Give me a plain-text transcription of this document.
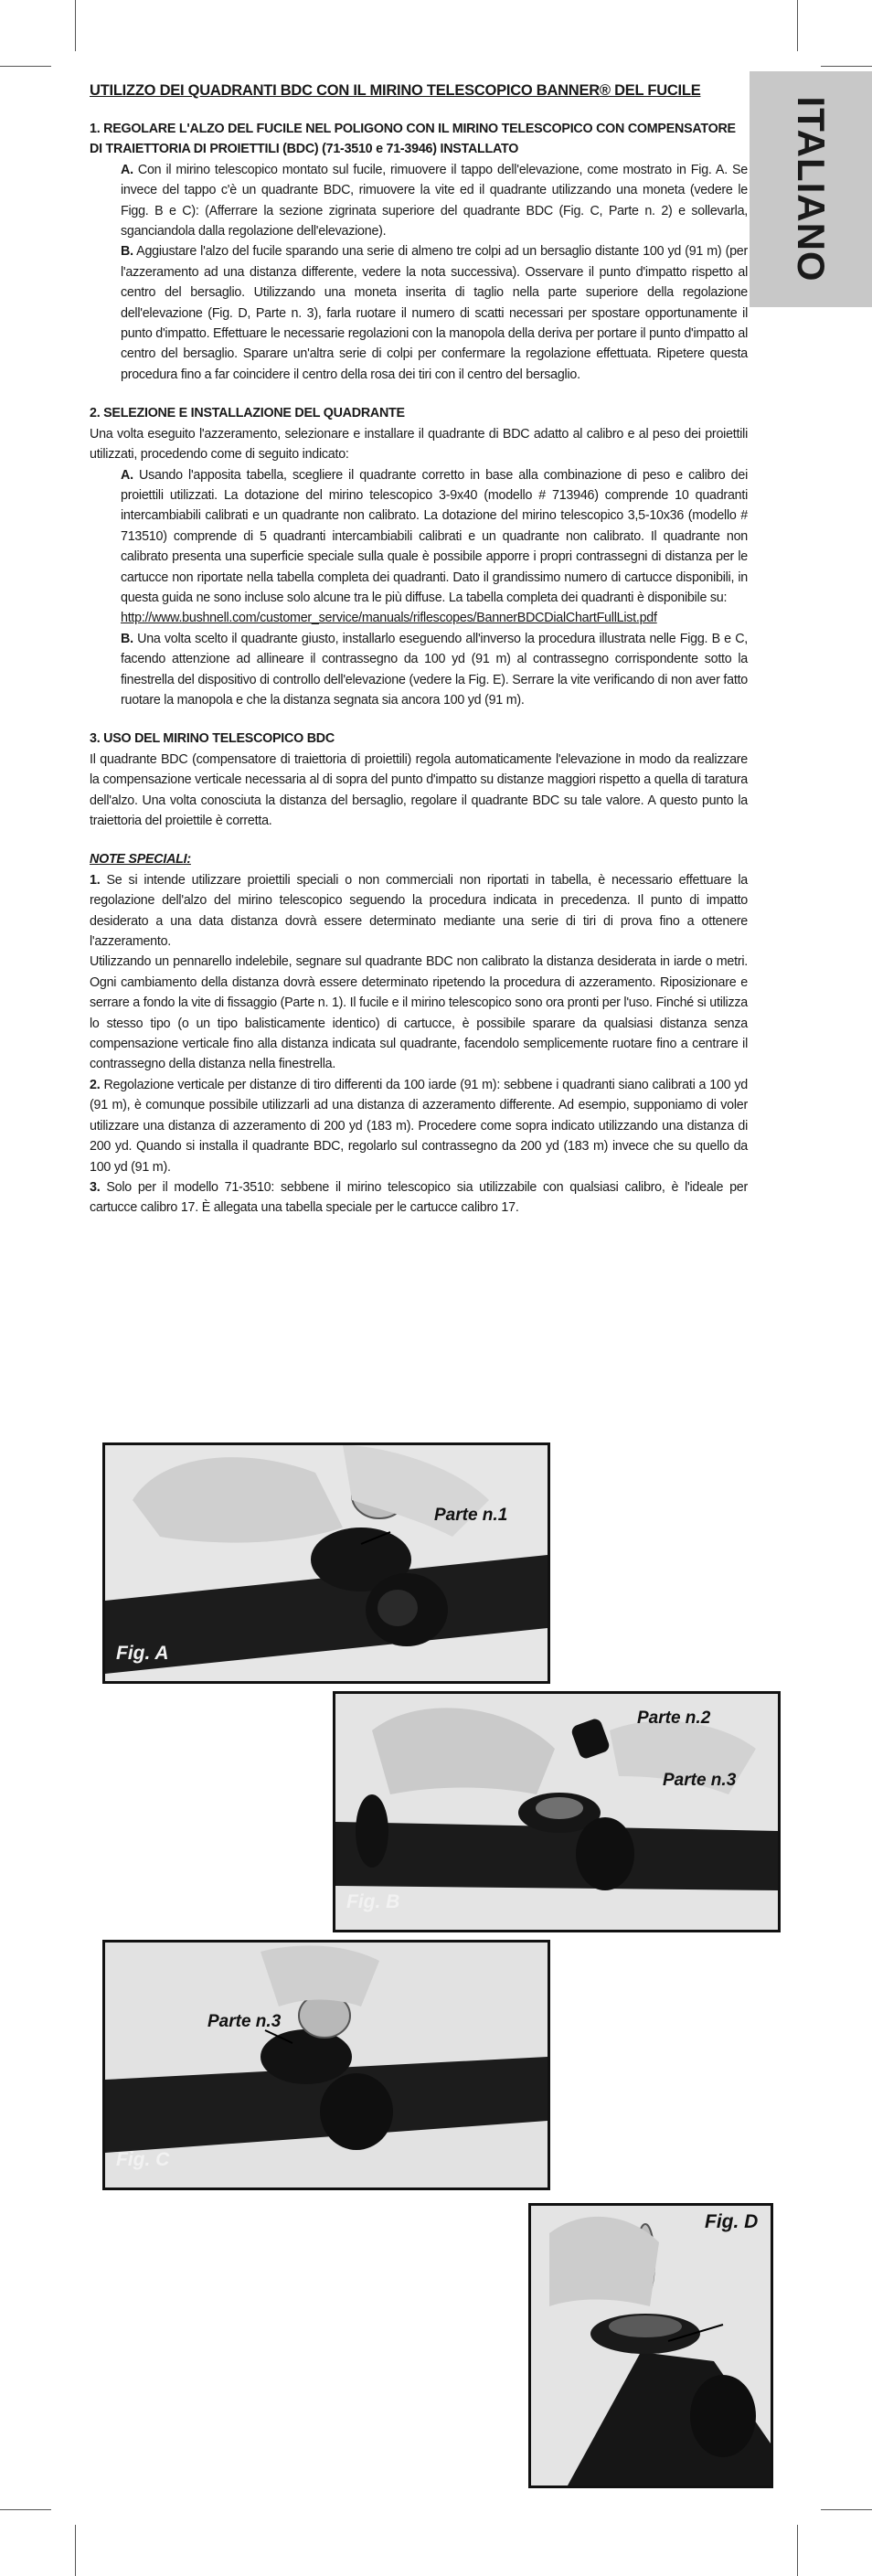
ITALIANO

UTILIZZO DEI QUADRANTI BDC CON IL MIRINO TELESCOPICO BANNER® DEL FUCILE

1. REGOLARE L'ALZO DEL FUCILE NEL POLIGONO CON IL MIRINO TELESCOPICO CON COMPENSATORE DI TRAIETTORIA DI PROIETTILI (BDC) (71-3510 e 71-3946) INSTALLATO

A. Con il mirino telescopico montato sul fucile, rimuovere il tappo dell'elevazione, come mostrato in Fig. A. Se invece del tappo c'è un quadrante BDC, rimuovere la vite ed il quadrante utilizzando una moneta (vedere le Figg. B e C): (Afferrare la sezione zigrinata superiore del quadrante BDC (Fig. C, Parte n. 2) e sollevarla, sganciandola dalla regolazione dell'elevazione).

B. Aggiustare l'alzo del fucile sparando una serie di almeno tre colpi ad un bersaglio distante 100 yd (91 m) (per l'azzeramento ad una distanza differente, vedere la nota successiva). Osservare il punto d'impatto rispetto al centro del bersaglio. Utilizzando una moneta inserita di taglio nella parte superiore della regolazione dell'elevazione (Fig. D, Parte n. 3), farla ruotare il numero di scatti necessari per spostare opportunamente il punto d'impatto. Effettuare le necessarie regolazioni con la manopola della deriva per portare il punto d'impatto al centro del bersaglio. Sparare un'altra serie di colpi per confermare la regolazione effettuata. Ripetere questa procedura fino a far coincidere il centro della rosa dei tiri con il centro del bersaglio.

2. SELEZIONE E INSTALLAZIONE DEL QUADRANTE

Una volta eseguito l'azzeramento, selezionare e installare il quadrante di BDC adatto al calibro e al peso dei proiettili utilizzati, procedendo come di seguito indicato:

A. Usando l'apposita tabella, scegliere il quadrante corretto in base alla combinazione di peso e calibro dei proiettili utilizzati. La dotazione del mirino telescopico 3-9x40 (modello # 713946) comprende 10 quadranti intercambiabili calibrati e un quadrante non calibrato. La dotazione del mirino telescopico 3,5-10x36 (modello # 713510) comprende di 5 quadranti intercambiabili calibrati e un quadrante non calibrato. Il quadrante non calibrato presenta una superficie speciale sulla quale è possibile apporre i propri contrassegni di distanza per le cartucce non riportate nella tabella completa dei quadranti. Dato il grandissimo numero di cartucce disponibili, in questa guida ne sono incluse solo alcune tra le più diffuse. La tabella completa dei quadranti è disponibile su:

http://www.bushnell.com/customer_service/manuals/riflescopes/BannerBDCDialChartFullList.pdf

B. Una volta scelto il quadrante giusto, installarlo eseguendo all'inverso la procedura illustrata nelle Figg. B e C, facendo attenzione ad allineare il contrassegno da 100 yd (91 m) al contrassegno corrispondente sotto la finestrella del dispositivo di controllo dell'elevazione (vedere la Fig. E). Serrare la vite verificando di non aver fatto ruotare la manopola e che la distanza segnata sia ancora 100 yd (91 m).

3. USO DEL MIRINO TELESCOPICO BDC

Il quadrante BDC (compensatore di traiettoria di proiettili) regola automaticamente l'elevazione in modo da realizzare la compensazione verticale necessaria al di sopra del punto d'impatto su distanze maggiori rispetto a quella di taratura dell'alzo. Una volta conosciuta la distanza del bersaglio, regolare il quadrante BDC su tale valore. A questo punto la traiettoria del proiettile è corretta.

NOTE SPECIALI:

1. Se si intende utilizzare proiettili speciali o non commerciali non riportati in tabella, è necessario effettuare la regolazione dell'alzo del mirino telescopico seguendo la procedura indicata in precedenza. Il punto di impatto desiderato a una data distanza dovrà essere determinato mediante una serie di tiri di prova fino a ottenere l'azzeramento.

Utilizzando un pennarello indelebile, segnare sul quadrante BDC non calibrato la distanza desiderata in iarde o metri. Ogni cambiamento della distanza dovrà essere determinato ripetendo la procedura di azzeramento. Riposizionare e serrare a fondo la vite di fissaggio (Parte n. 1). Il fucile e il mirino telescopico sono ora pronti per l'uso. Finché si utilizza lo stesso tipo (o un tipo balisticamente identico) di cartucce, è possibile sparare da qualsiasi distanza senza compensazione verticale fino alla distanza indicata sul quadrante, facendolo semplicemente ruotare fino a centrare il contrassegno della distanza nella finestrella.

2. Regolazione verticale per distanze di tiro differenti da 100 iarde (91 m): sebbene i quadranti siano calibrati a 100 yd (91 m), è comunque possibile utilizzarli ad una distanza di azzeramento differente. Ad esempio, supponiamo di voler utilizzare una distanza di azzeramento di 200 yd (183 m). Procedere come sopra indicato utilizzando una distanza di 200 yd. Quando si installa il quadrante BDC, regolarlo sul contrassegno da 200 yd (183 m) invece che su quello da 100 yd (91 m).

3. Solo per il modello 71-3510: sebbene il mirino telescopico sia utilizzabile con qualsiasi calibro, è l'ideale per cartucce calibro 17. È allegata una tabella speciale per le cartucce calibro 17.

Parte n.1
Fig. A
Parte n.2
Parte n.3
Fig. B
Parte n.3
Fig. C
Fig. D
